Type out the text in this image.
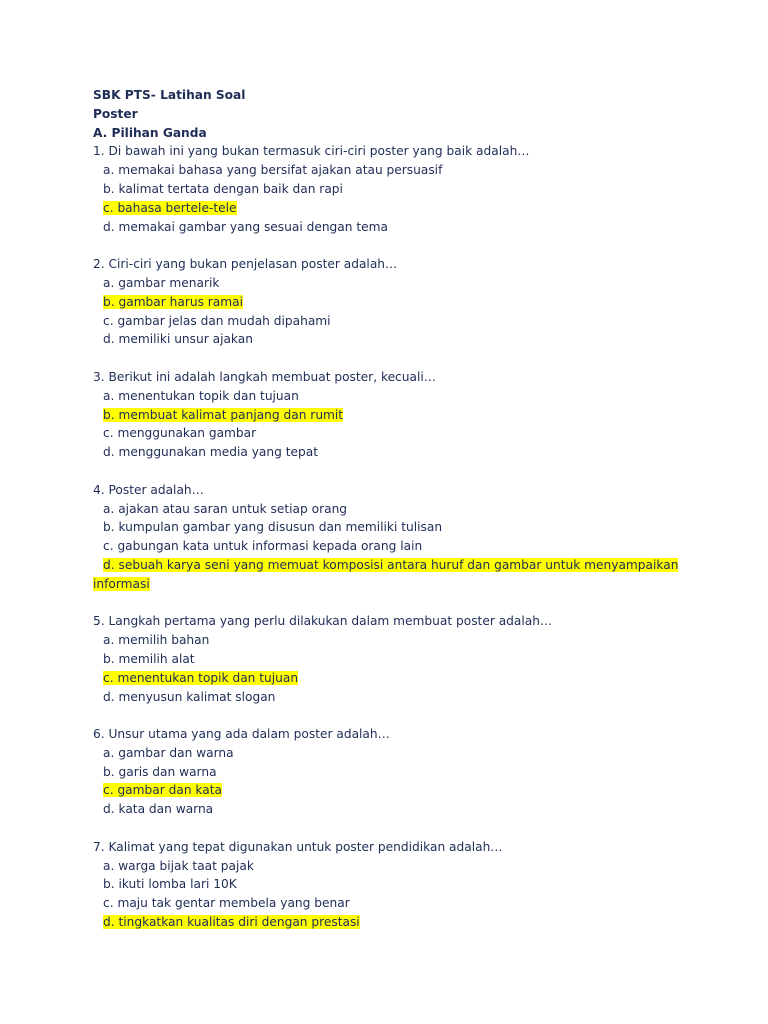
SBK PTS- Latihan Soal
Poster
A. Pilihan Ganda
1. Di bawah ini yang bukan termasuk ciri-ciri poster yang baik adalah…
a. memakai bahasa yang bersifat ajakan atau persuasif
b. kalimat tertata dengan baik dan rapi
c. bahasa bertele-tele
d. memakai gambar yang sesuai dengan tema
2. Ciri-ciri yang bukan penjelasan poster adalah…
a. gambar menarik
b. gambar harus ramai
c. gambar jelas dan mudah dipahami
d. memiliki unsur ajakan
3. Berikut ini adalah langkah membuat poster, kecuali…
a. menentukan topik dan tujuan
b. membuat kalimat panjang dan rumit
c. menggunakan gambar
d. menggunakan media yang tepat
4. Poster adalah…
a. ajakan atau saran untuk setiap orang
b. kumpulan gambar yang disusun dan memiliki tulisan
c. gabungan kata untuk informasi kepada orang lain
d. sebuah karya seni yang memuat komposisi antara huruf dan gambar untuk menyampaikan
informasi
5. Langkah pertama yang perlu dilakukan dalam membuat poster adalah…
a. memilih bahan
b. memilih alat
c. menentukan topik dan tujuan
d. menyusun kalimat slogan
6. Unsur utama yang ada dalam poster adalah…
a. gambar dan warna
b. garis dan warna
c. gambar dan kata
d. kata dan warna
7. Kalimat yang tepat digunakan untuk poster pendidikan adalah…
a. warga bijak taat pajak
b. ikuti lomba lari 10K
c. maju tak gentar membela yang benar
d. tingkatkan kualitas diri dengan prestasi
